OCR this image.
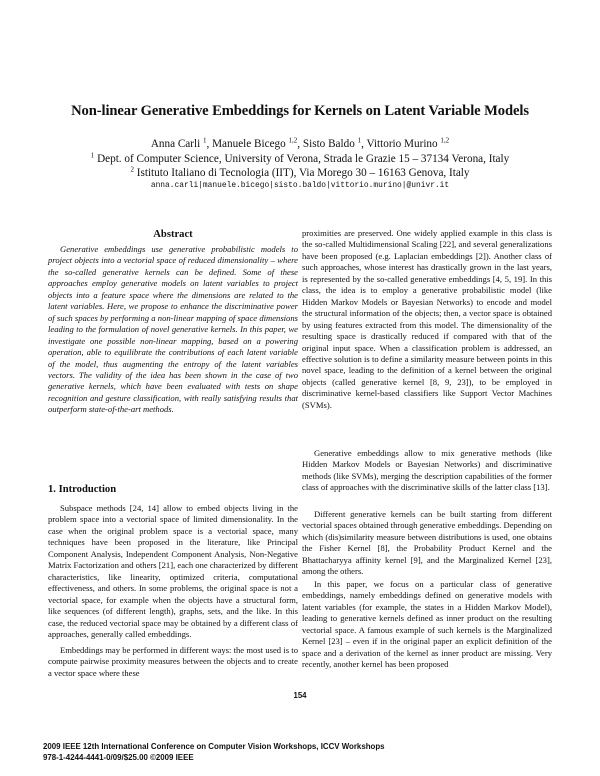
Non-linear Generative Embeddings for Kernels on Latent Variable Models
Anna Carli $^1$, Manuele Bicego $^{1,2}$, Sisto Baldo $^1$, Vittorio Murino $^{1,2}$
$^1$ Dept. of Computer Science, University of Verona, Strada le Grazie 15 – 37134 Verona, Italy
$^2$ Istituto Italiano di Tecnologia (IIT), Via Morego 30 – 16163 Genova, Italy
anna.carli|manuele.bicego|sisto.baldo|vittorio.murino|@univr.it
Abstract

Generative embeddings use generative probabilistic models to project objects into a vectorial space of reduced dimensionality – where the so-called generative kernels can be defined. Some of these approaches employ generative models on latent variables to project objects into a feature space where the dimensions are related to the latent variables. Here, we propose to enhance the discriminative power of such spaces by performing a non-linear mapping of space dimensions leading to the formulation of novel generative kernels. In this paper, we investigate one possible non-linear mapping, based on a powering operation, able to equilibrate the contributions of each latent variable of the model, thus augmenting the entropy of the latent variables vectors. The validity of the idea has been shown in the case of two generative kernels, which have been evaluated with tests on shape recognition and gesture classification, with really satisfying results that outperform state-of-the-art methods.

1. Introduction

Subspace methods [24, 14] allow to embed objects living in the problem space into a vectorial space of limited dimensionality. In the case when the original problem space is a vectorial space, many techniques have been proposed in the literature, like Principal Component Analysis, Independent Component Analysis, Non-Negative Matrix Factorization and others [21], each one characterized by different characteristics, like linearity, optimized criteria, computational effectiveness, and others. In some problems, the original space is not a vectorial space, for example when the objects have a structural form, like sequences (of different length), graphs, sets, and the like. In this case, the reduced vectorial space may be obtained by a different class of approaches, generally called embeddings.

Embeddings may be performed in different ways: the most used is to compute pairwise proximity measures between the objects and to create a vector space where these

proximities are preserved. One widely applied example in this class is the so-called Multidimensional Scaling [22], and several generalizations have been proposed (e.g. Laplacian embeddings [2]). Another class of such approaches, whose interest has drastically grown in the last years, is represented by the so-called generative embeddings [4, 5, 19]. In this class, the idea is to employ a generative probabilistic model (like Hidden Markov Models or Bayesian Networks) to encode and model the structural information of the objects; then, a vector space is obtained by using features extracted from this model. The dimensionality of the resulting space is drastically reduced if compared with that of the original input space. When a classification problem is addressed, an effective solution is to define a similarity measure between points in this novel space, leading to the definition of a kernel between the original objects (called generative kernel [8, 9, 23]), to be employed in discriminative kernel-based classifiers like Support Vector Machines (SVMs).

Generative embeddings allow to mix generative methods (like Hidden Markov Models or Bayesian Networks) and discriminative methods (like SVMs), merging the description capabilities of the former class of approaches with the discriminative skills of the latter class [13].

Different generative kernels can be built starting from different vectorial spaces obtained through generative embeddings. Depending on which (dis)similarity measure between distributions is used, one obtains the Fisher Kernel [8], the Probability Product Kernel and the Bhattacharyya affinity kernel [9], and the Marginalized Kernel [23], among the others.

In this paper, we focus on a particular class of generative embeddings, namely embeddings defined on generative models with latent variables (for example, the states in a Hidden Markov Model), leading to generative kernels defined as inner product on the resulting vectorial space. A famous example of such kernels is the Marginalized Kernel [23] – even if in the original paper an explicit definition of the space and a derivation of the kernel as inner product are missing. Very recently, another kernel has been proposed

154
2009 IEEE 12th International Conference on Computer Vision Workshops, ICCV Workshops
978-1-4244-4441-0/09/$25.00 ©2009 IEEE
